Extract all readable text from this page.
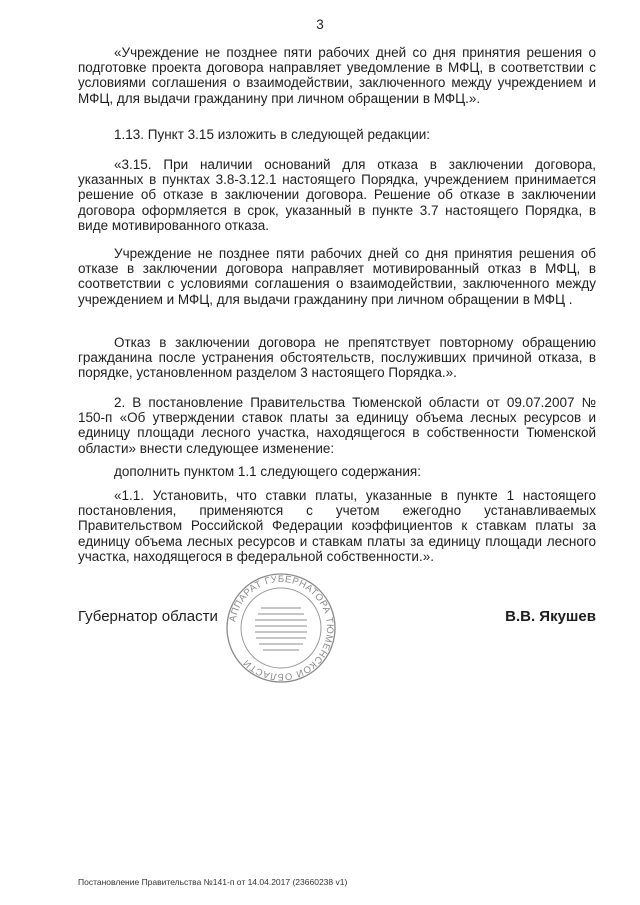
3
«Учреждение не позднее пяти рабочих дней со дня принятия решения о подготовке проекта договора направляет уведомление в МФЦ, в соответствии с условиями соглашения о взаимодействии, заключенного между учреждением и МФЦ, для выдачи гражданину при личном обращении в МФЦ.».
1.13. Пункт 3.15 изложить в следующей редакции:
«3.15. При наличии оснований для отказа в заключении договора, указанных в пунктах 3.8-3.12.1 настоящего Порядка, учреждением принимается решение об отказе в заключении договора. Решение об отказе в заключении договора оформляется в срок, указанный в пункте 3.7 настоящего Порядка, в виде мотивированного отказа.
Учреждение не позднее пяти рабочих дней со дня принятия решения об отказе в заключении договора направляет мотивированный отказ в МФЦ, в соответствии с условиями соглашения о взаимодействии, заключенного между учреждением и МФЦ, для выдачи гражданину при личном обращении в МФЦ .
Отказ в заключении договора не препятствует повторному обращению гражданина после устранения обстоятельств, послуживших причиной отказа, в порядке, установленном разделом 3 настоящего Порядка.».
2. В постановление Правительства Тюменской области от 09.07.2007 № 150-п «Об утверждении ставок платы за единицу объема лесных ресурсов и единицу площади лесного участка, находящегося в собственности Тюменской области» внести следующее изменение:
дополнить пунктом 1.1 следующего содержания:
«1.1. Установить, что ставки платы, указанные в пункте 1 настоящего постановления, применяются с учетом ежегодно устанавливаемых Правительством Российской Федерации коэффициентов к ставкам платы за единицу объема лесных ресурсов и ставкам платы за единицу площади лесного участка, находящегося в федеральной собственности.».
Губернатор области	В.В. Якушев
АППАРАТ ГУБЕРНАТОРА ТЮМЕНСКОЙ ОБЛАСТИ
Постановление Правительства №141-п от 14.04.2017 (23660238 v1)
